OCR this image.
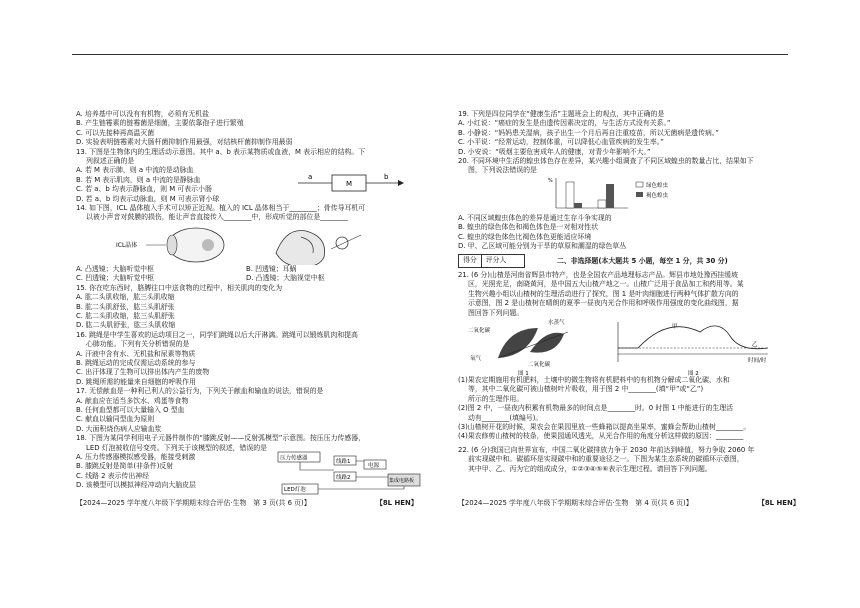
A. 培养基中可以没有有机物，必须有无机盐
B. 产生链霉素的链霉菌是细菌，主要依靠孢子进行繁殖
C. 可以先接种再高温灭菌
D. 实验表明链霉素对大肠杆菌抑制作用最强，对结核杆菌抑制作用最弱
13. 下图是生物体内的生理活动示意图。其中 a、b 表示某物质或血液，M 表示相应的结构。下
列叙述正确的是
A. 若 M 表示肺，则 a 中流的是动脉血
B. 若 M 表示肌肉，则 a 中流的是静脉血
C. 若 a、b 均表示静脉血，则 M 可表示小肠
D. 若 a、b 均表示动脉血，则 M 可表示肾小球
a
M
b
14. 如下图，ICL 晶体植入手术可以矫正近视。植入的 ICL 晶体相当于________；骨传导耳机可
以被小声音对鼓膜的损伤，能让声音直接传入________中，形成听觉的部位是________
ICL晶体
A. 凸透镜；大脑听觉中枢	B. 凹透镜；耳蜗
C. 凹透镜；大脑听觉中枢	D. 凸透镜；大脑视觉中枢
15. 你在吃东西时，胳膊往口中送食物的过程中，相关肌肉的变化为
A. 肱二头肌收缩，肱三头肌收缩
B. 肱二头肌舒张，肱三头肌舒张
C. 肱二头肌收缩，肱三头肌舒张
D. 肱二头肌舒张，肱三头肌收缩
16. 跳绳是中学生喜欢的运动项目之一，同学们跳绳以后大汗淋漓。跳绳可以锻炼肌肉和提高
心肺功能。下列有关分析错误的是
A. 汗液中含有水、无机盐和尿素等物质
B. 跳绳运动的完成仅需运动系统的参与
C. 出汗体现了生物可以排出体内产生的废物
D. 跳绳所需的能量来自细胞的呼吸作用
17. 无偿献血是一种利己利人的公益行为，下列关于献血和输血的说法，错误的是
A. 献血应在适当多饮水、鸡蛋等食物
B. 任何血型都可以大量输入 O 型血
C. 献血以输同型血为原则
D. 大面积烧伤病人应输血浆
18. 下图为某同学利用电子元器件制作的“膝跳反射——反射弧模型”示意图。按压压力传感器，
LED 灯泡被收信号变亮。下列关于该模型的叙述，错误的是
A. 压力传感器模拟感受器，能接受刺激
B. 膝跳反射是简单(非条件)反射
C. 线路 2 表示传出神经
D. 该模型可以模拟神经冲动向大脑皮层
压力传感器
线路1
电源
线路2	集成电路板
LED灯泡
【2024—2025 学年度八年级下学期期末综合评估·生物　第 3 页(共 6 页)】	【8L HEN】
19. 下列是四位同学在“健康生活”主题班会上的观点，其中正确的是
A. 小红说：“癌症的发生是由遗传因素决定的，与生活方式没有关系。”
B. 小静说：“妈妈患关湿病，孩子出生一个月后再自注重疫苗，所以无菌病是遗传病。”
C. 小平说：“经常运动，控制体重，可以降低心血管疾病的发生率。”
D. 小安说：“吸烟主要危害成年人的健康，对青少年影响不大。”
20. 不同环境中生活的蝗虫体色存在差异，某兴趣小组调查了不同区域蝗虫的数量占比，结果如下
图，下列说法错误的是
%
绿色蝗虫
褐色蝗虫
A. 不同区域蝗虫体色的差异是通过生存斗争实现的
B. 蝗虫的绿色体色和褐色体色是一对相对性状
C. 蝗虫的绿色体色比褐色体色更能适应环境
D. 甲、乙区域可能分别为干旱的草原和潮湿的绿色草丛
得分 评分人	二、非选择题(本大题共 5 小题，每空 1 分，共 30 分)
21. (6 分)山楂是河南省辉县市特产，也是全国农产品地理标志产品。辉县市地处豫西挂缓坡
区，光照充足，南晓黄河，是中国五大山楂产地之一。山楂广泛用于食品加工和药用等。某
生物兴趣小组以山楂树的生理活动进行了探究，图 1 是叶肉细胞进行两种气体扩散方向的
示意图，图 2 是山楂树在晴朗的夏季一昼夜内光合作用和呼吸作用强度的变化曲线图，据
图回答下列问题。
二氧化碳
水蒸气
氧气
二氧化碳
图 1
甲
乙
时间/时
图 2
(1)果农定期施用有机肥料，土壤中的微生物将有机肥料中的有机物分解成二氧化碳、水和
等，其中二氧化碳可被山楂树叶片吸收，用于图 2 中________(填“甲”或“乙”)
所示的生理作用。
(2)图 2 中，一昼夜内积累有机物最多的时间点是________时。0 时图 1 中能进行的生理活
动有________(填编号)。
(3)山楂树开花的时候，果农会在果园里放一些蜂箱以提高坐果率，蜜蜂会帮助山楂树________。
(4)果农修剪山楂树的枝条，使果园通风透光，从光合作用的角度分析这样做的原因：________
22. (6 分)我国已向世界宣布，中国二氧化碳排放力争于 2030 年前达到峰值，努力争取 2060 年
前实现碳中和。碳循环是实现碳中和的重要途径之一。下图为某生态系统的碳循环示意图，
其中甲、乙、丙为它的组成成分，①②③④⑤⑥表示生理过程。请回答下列问题。
【2024—2025 学年度八年级下学期期末综合评估·生物　第 4 页(共 6 页)】	【8L HEN】
